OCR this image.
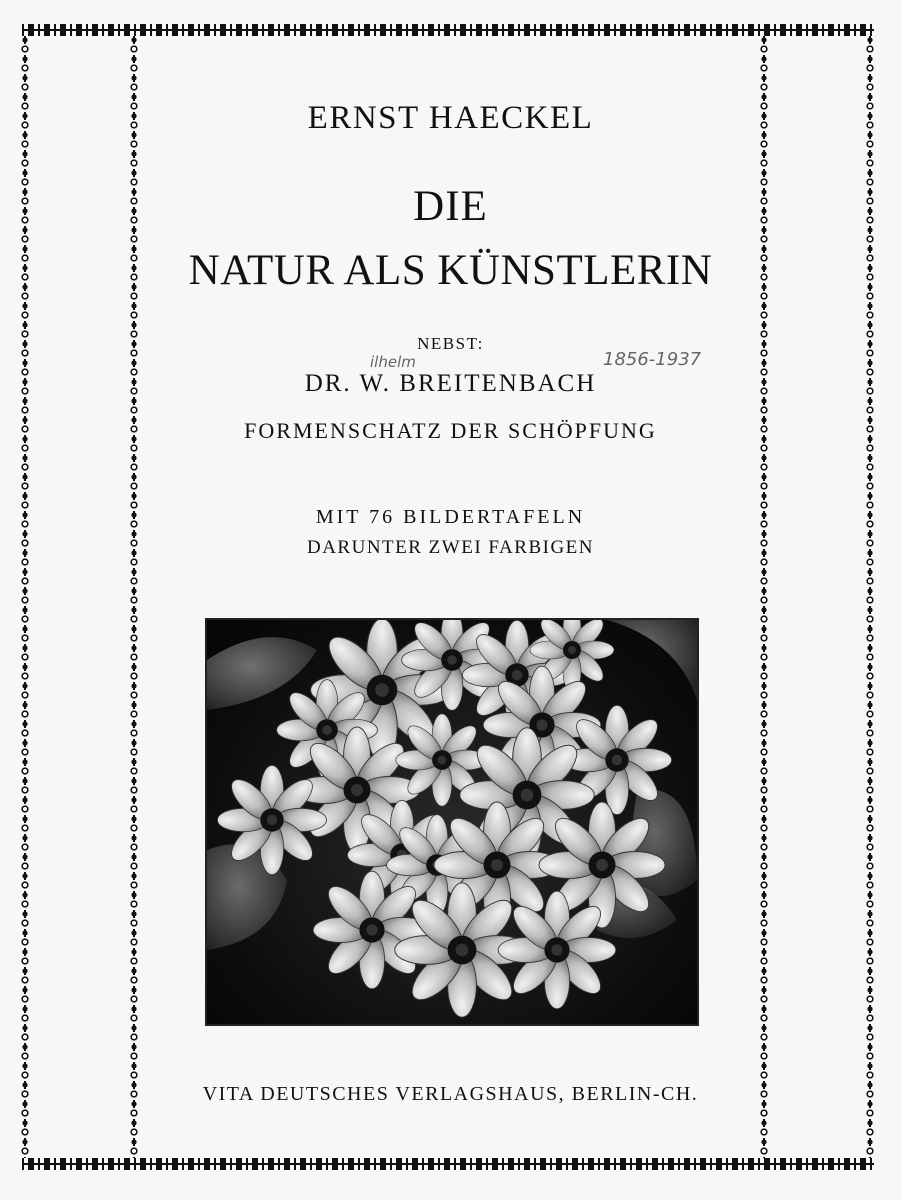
ERNST HAECKEL
DIE
NATUR ALS KÜNSTLERIN
NEBST:
ilhelm	1856-1937
DR. W. BREITENBACH
FORMENSCHATZ DER SCHÖPFUNG
MIT 76 BILDERTAFELN
DARUNTER ZWEI FARBIGEN
VITA DEUTSCHES VERLAGSHAUS, BERLIN-CH.
